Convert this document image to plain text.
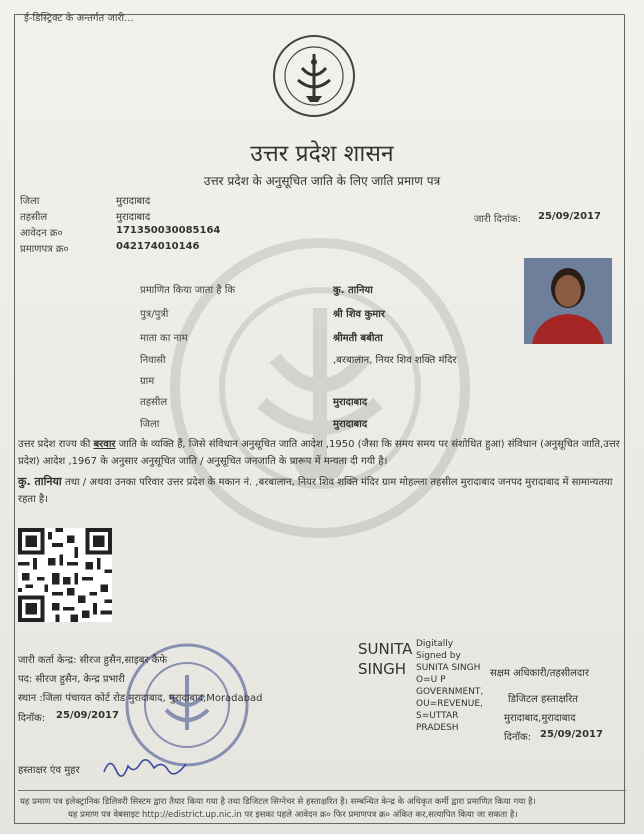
ई-डिस्ट्रिक्ट के अन्तर्गत जारी...
उत्तर प्रदेश शासन
उत्तर प्रदेश के अनुसूचित जाति के लिए जाति प्रमाण पत्र
जिला	मुरादाबाद
तहसील	मुरादाबाद
आवेदन क्र०	171350030085164
प्रमाणपत्र क्र०	042174010146
जारी दिनांक: 25/09/2017
प्रमाणित किया जाता है कि	कु. तानिया
पुत्र/पुत्री	श्री शिव कुमार
माता का नाम	श्रीमती बबीता
निवासी	,बरबालान, नियर शिव शक्ति मंदिर
ग्राम
तहसील	मुरादाबाद
जिला	मुरादाबाद
उत्तर प्रदेश राज्य की बरवार जाति के व्यक्ति हैं, जिसे संविधान अनुसूचित जाति आदेश ,1950 (जैसा कि समय समय पर संशोधित हुआ) संविधान (अनुसूचित जाति,उत्तर प्रदेश) आदेश ,1967 के अनुसार अनुसूचित जाति / अनुसूचित जनजाति के प्रारूप में मन्यता दी गयी है।
कु. तानिया तथा / अथवा उनका परिवार उत्तर प्रदेश के मकान नं. ,बरबालान, नियर शिव शक्ति मंदिर ग्राम मोहल्ला तहसील मुरादाबाद जनपद मुरादाबाद में सामान्यतया रहता है।
जारी कर्ता केन्द्र: सीरज हुसैन,साइबर कैफे
पद: सीरज हुसैन, केन्द्र प्रभारी
स्थान :जिला पंचायत कोर्ट रोड मुरादाबाद, मुरादाबाद,Moradabad
दिनॉक: 25/09/2017
हस्ताक्षर एंव मुहर
SUNITA
SINGH
Digitally Signed by SUNITA SINGH O=U P GOVERNMENT, OU=REVENUE, S=UTTAR PRADESH
सक्षम अधिकारी/तहसीलदार
डिजिटल हस्ताक्षरित
मुरादाबाद,मुरादाबाद
दिनॉक: 25/09/2017
यह प्रमाण पत्र इलेक्ट्रानिक डिलिवरी सिस्टम द्वारा तैयार किया गया है तथा डिजिटल सिग्नेचर से हस्ताक्षरित है। सम्बन्धित केन्द्र के अधिकृत कर्मी द्वारा प्रमाणित किया गया है।
यह प्रमाण पत्र वेबसाइट http://edistrict.up.nic.in पर इसका पहले आवेदन क्र० फिर प्रमाणपत्र क्र० अंकित कर,सत्यापित किया जा सकता है।
